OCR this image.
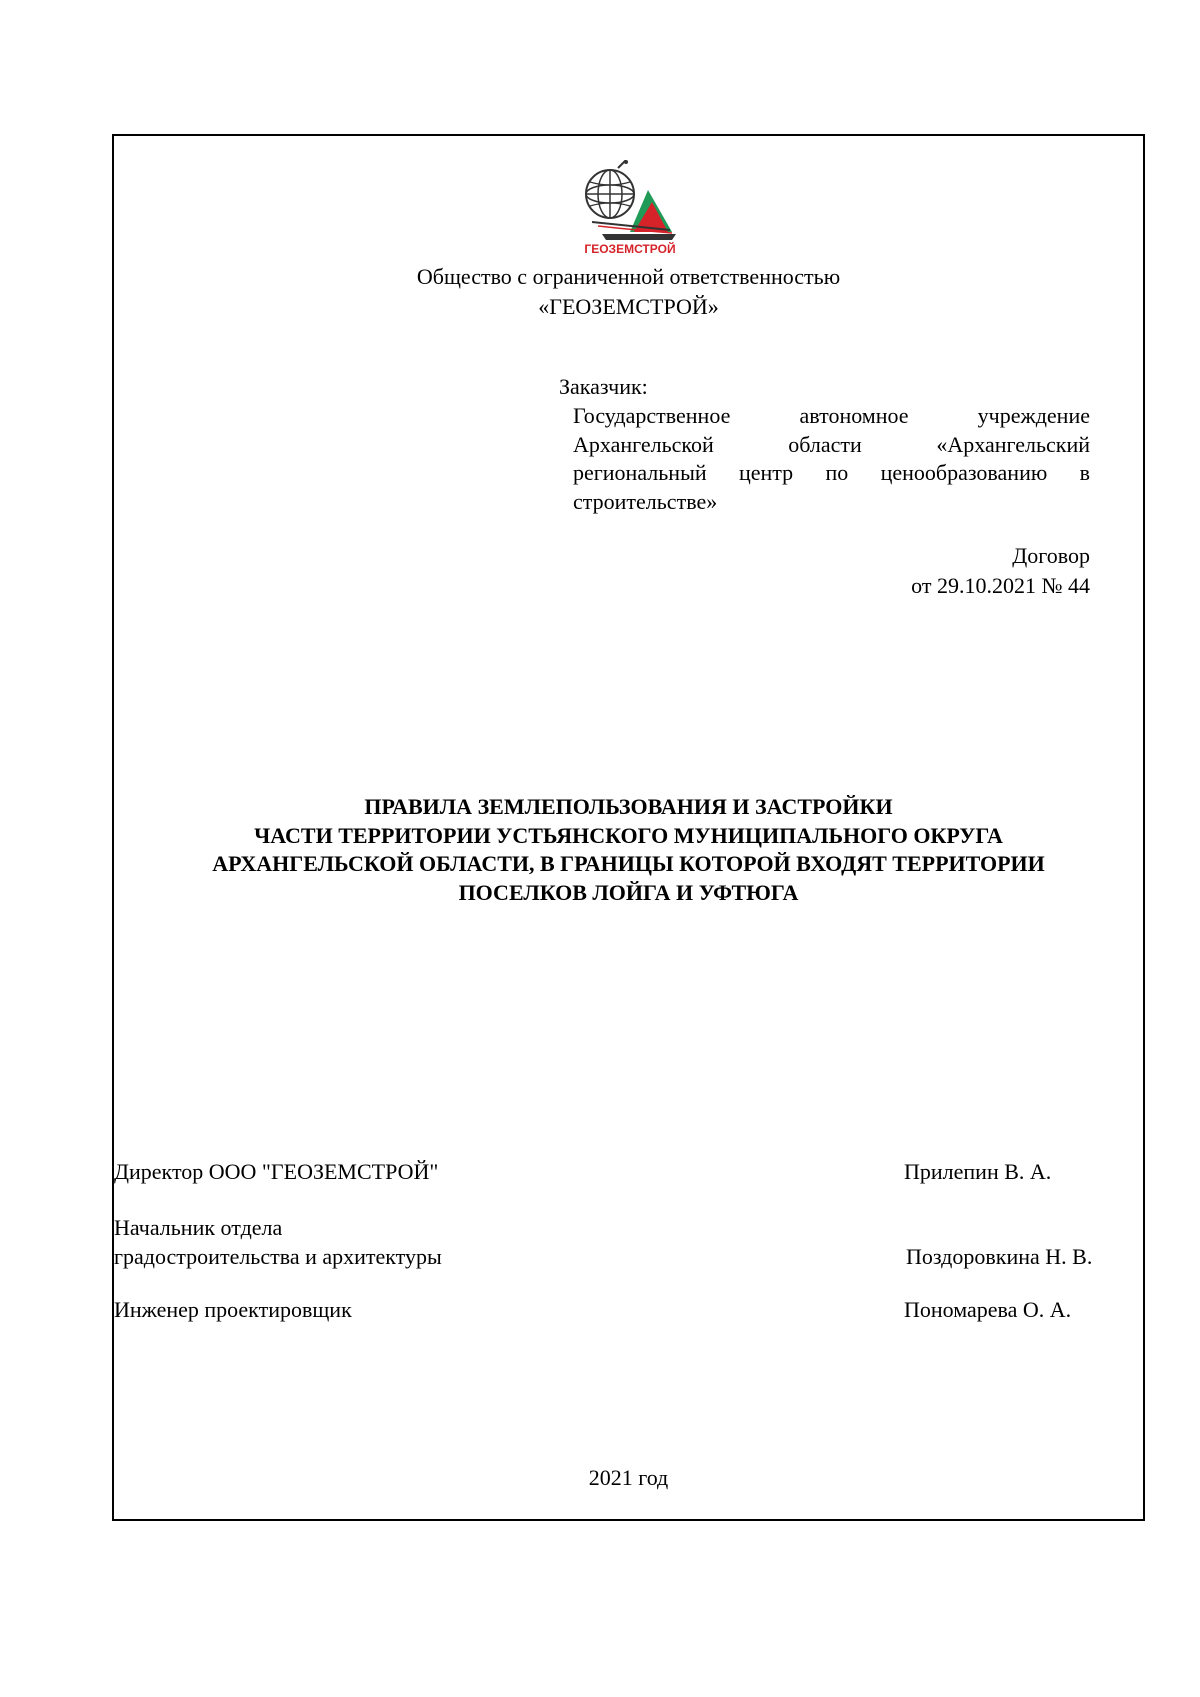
ГЕОЗЕМСТРОЙ
Общество с ограниченной ответственностью
«ГЕОЗЕМСТРОЙ»
Заказчик:
Государственное автономное учреждение Архангельской области «Архангельский региональный центр по ценообразованию в строительстве»
Договор
от 29.10.2021 № 44
ПРАВИЛА ЗЕМЛЕПОЛЬЗОВАНИЯ И ЗАСТРОЙКИ
ЧАСТИ ТЕРРИТОРИИ УСТЬЯНСКОГО МУНИЦИПАЛЬНОГО ОКРУГА
АРХАНГЕЛЬСКОЙ ОБЛАСТИ, В ГРАНИЦЫ КОТОРОЙ ВХОДЯТ ТЕРРИТОРИИ
ПОСЕЛКОВ ЛОЙГА И УФТЮГА
Директор ООО "ГЕОЗЕМСТРОЙ"	Прилепин В. А.
Начальник отдела
градостроительства и архитектуры	Поздоровкина Н. В.
Инженер проектировщик	Пономарева О. А.
2021 год
